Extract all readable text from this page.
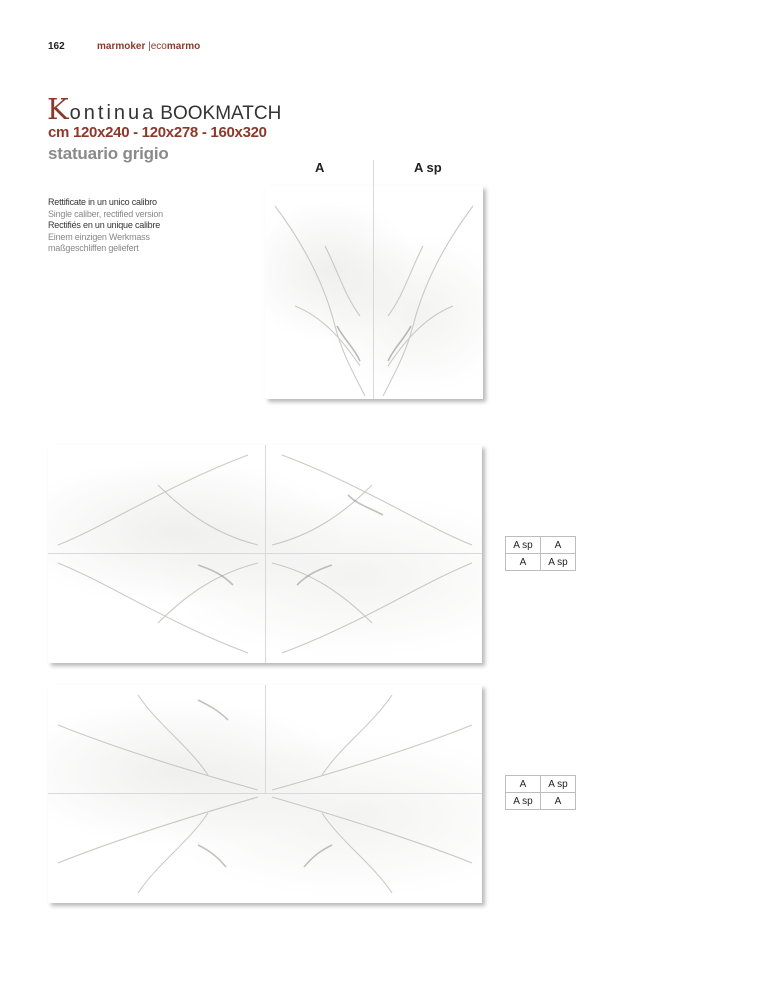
162	marmoker |ecomarmo
Kontinua BOOKMATCH
cm 120x240 - 120x278 - 160x320
statuario grigio
A	A sp
Rettificate in un unico calibro
Single caliber, rectified version
Rectifiés en un unique calibre
Einem einzigen Werkmass
maßgeschliffen geliefert
A sp	A
A	A sp
A	A sp
A sp	A
